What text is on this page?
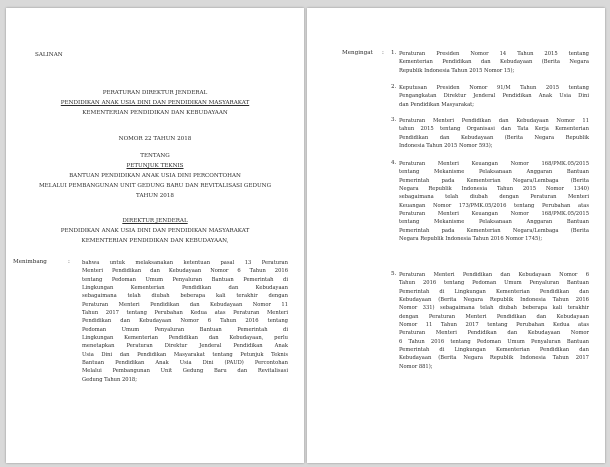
SALINAN
PERATURAN DIREKTUR JENDERAL
PENDIDIKAN ANAK USIA DINI DAN PENDIDIKAN MASYARAKAT
KEMENTERIAN PENDIDIKAN DAN KEBUDAYAAN
NOMOR 22 TAHUN 2018
TENTANG
PETUNJUK TEKNIS
BANTUAN PENDIDIKAN ANAK USIA DINI PERCONTOHAN
MELALUI PEMBANGUNAN UNIT GEDUNG BARU DAN REVITALISASI GEDUNG
TAHUN 2018
DIREKTUR JENDERAL
PENDIDIKAN ANAK USIA DINI DAN PENDIDIKAN MASYARAKAT
KEMENTERIAN PENDIDIKAN DAN KEBUDAYAAN,
Menimbang	: bahwa untuk melaksanakan ketentuan pasal 13 Peraturan
Menteri Pendidikan dan Kebudayaan Nomor 6 Tahun 2016
tentang Pedoman Umum Penyaluran Bantuan Pemerintah di
Lingkungan Kementerian Pendidikan dan Kebudayaan
sebagaimana telah diubah beberapa kali terakhir dengan
Peraturan Menteri Pendidikan dan Kebudayaan Nomor 11
Tahun 2017 tentang Perubahan Kedua atas Peraturan Menteri
Pendidikan dan Kebudayaan Nomor 6 Tahun 2016 tentang
Pedoman Umum Penyaluran Bantuan Pemerintah di
Lingkungan Kementerian Pendidikan dan Kebudayaan, perlu
menetapkan Peraturan Direktur Jenderal Pendidikan Anak
Usia Dini dan Pendidikan Masyarakat tentang Petunjuk Teknis
Bantuan Pendidikan Anak Usia Dini (PAUD) Percontohan
Melalui Pembangunan Unit Gedung Baru dan Revitalisasi
Gedung Tahun 2018;
Mengingat : 1. Peraturan Presiden Nomor 14 Tahun 2015 tentang
Kementerian Pendidikan dan Kebudayaan (Berita Negara
Republik Indonesia Tahun 2015 Nomor 15);
2. Keputusan Presiden Nomor 91/M Tahun 2015 tentang
Pengangkatan Direktur Jenderal Pendidikan Anak Usia Dini
dan Pendidikan Masyarakat;
3. Peraturan Menteri Pendidikan dan Kebudayaan Nomor 11
tahun 2015 tentang Organisasi dan Tata Kerja Kementerian
Pendidikan dan Kebudayaan (Berita Negara Republik
Indonesia Tahun 2015 Nomor 593);
4. Peraturan Menteri Keuangan Nomor 168/PMK.05/2015
tentang Mekanisme Pelaksanaan Anggaran Bantuan
Pemerintah pada Kementerian Negara/Lembaga (Berita
Negara Republik Indonesia Tahun 2015 Nomor 1340)
sebagaimana telah diubah dengan Peraturan Menteri
Keuangan Nomor 173/PMK.05/2016 tentang Perubahan atas
Peraturan Menteri Keuangan Nomor 168/PMK.05/2015
tentang Mekanisme Pelaksanaan Anggaran Bantuan
Pemerintah pada Kementerian Negara/Lembaga (Berita
Negara Republik Indonesia Tahun 2016 Nomor 1745);
5. Peraturan Menteri Pendidikan dan Kebudayaan Nomor 6
Tahun 2016 tentang Pedoman Umum Penyaluran Bantuan
Pemerintah di Lingkungan Kementerian Pendidikan dan
Kebudayaan (Berita Negara Republik Indonesia Tahun 2016
Nomor 331) sebagaimana telah diubah beberapa kali terakhir
dengan Peraturan Menteri Pendidikan dan Kebudayaan
Nomor 11 Tahun 2017 tentang Perubahan Kedua atas
Peraturan Menteri Pendidikan dan Kebudayaan Nomor
6 Tahun 2016 tentang Pedoman Umum Penyaluran Bantuan
Pemerintah di Lingkungan Kementerian Pendidikan dan
Kebudayaan (Berita Negara Republik Indonesia Tahun 2017
Nomor 881);
